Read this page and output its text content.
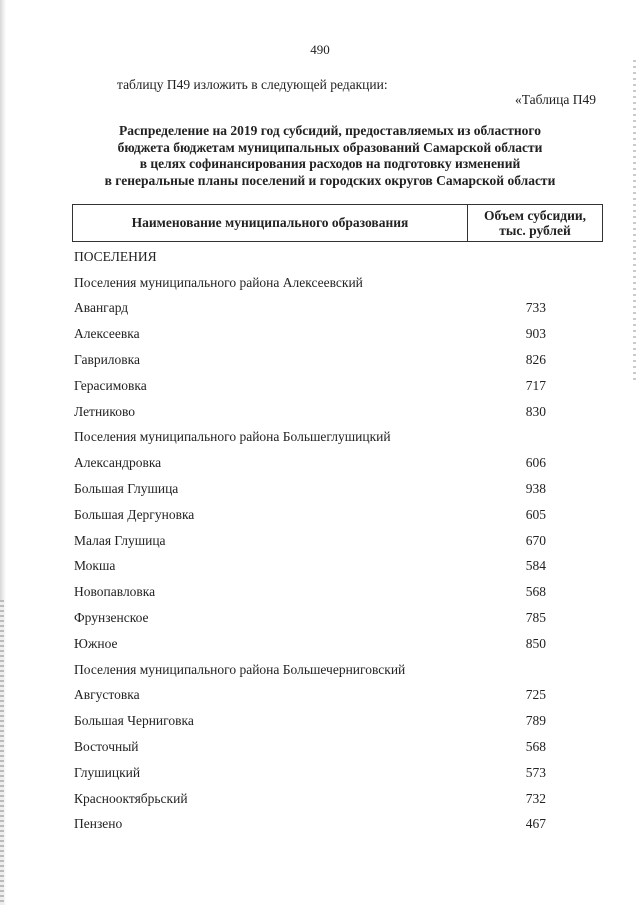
490
таблицу П49 изложить в следующей редакции:
«Таблица П49
Распределение на 2019 год субсидий, предоставляемых из областного
бюджета бюджетам муниципальных образований Самарской области
в целях софинансирования расходов на подготовку изменений
в генеральные планы поселений и городских округов Самарской области
Наименование муниципального образования	Объем субсидии,
тыс. рублей
ПОСЕЛЕНИЯ
Поселения муниципального района Алексеевский
Авангард	733
Алексеевка	903
Гавриловка	826
Герасимовка	717
Летниково	830
Поселения муниципального района Большеглушицкий
Александровка	606
Большая Глушица	938
Большая Дергуновка	605
Малая Глушица	670
Мокша	584
Новопавловка	568
Фрунзенское	785
Южное	850
Поселения муниципального района Большечерниговский
Августовка	725
Большая Черниговка	789
Восточный	568
Глушицкий	573
Краснооктябрьский	732
Пензено	467
